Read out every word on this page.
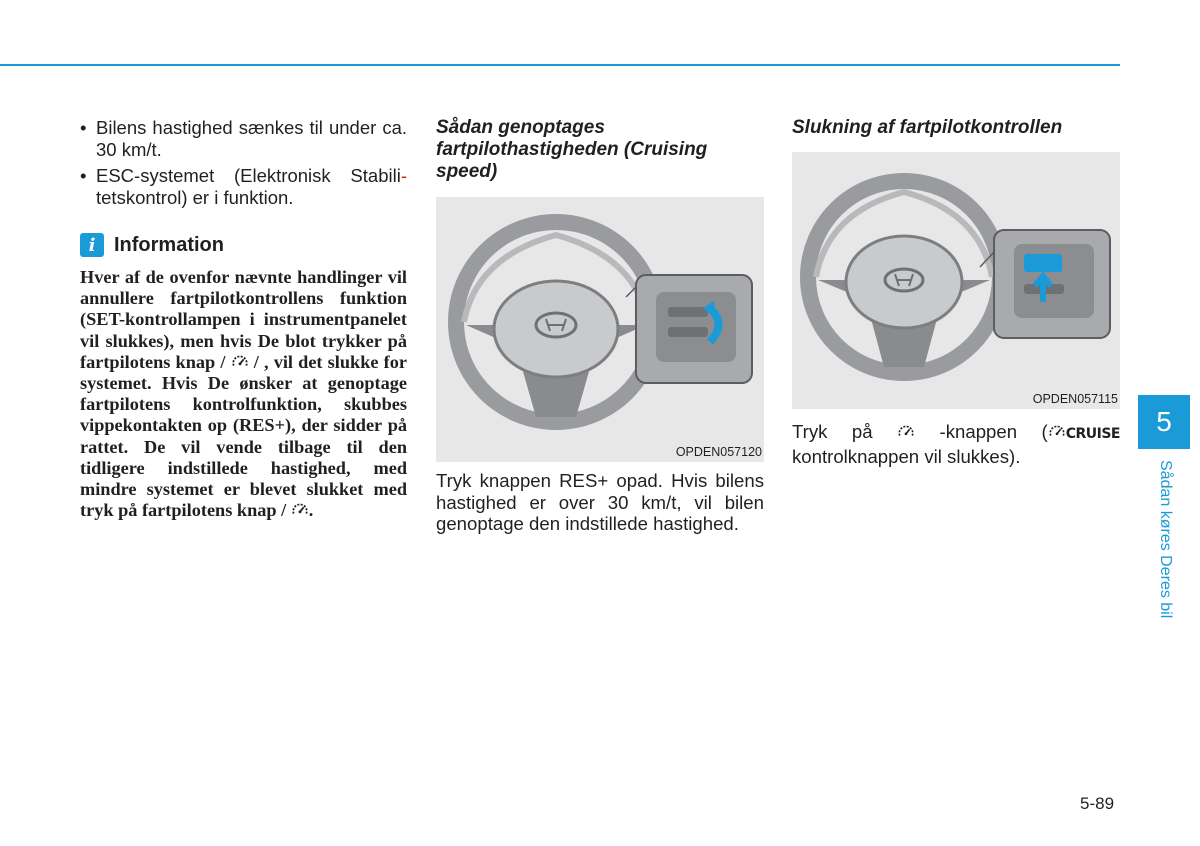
• Bilens hastighed sænkes til under ca. 30 km/t.
• ESC-systemet (Elektronisk Stabili- tetskontrol) er i funktion.
i Information

Hver af de ovenfor nævnte handlinger vil annullere fartpilotkontrollens funktion (SET-kontrollampen i instrumentpanelet vil slukkes), men hvis De blot trykker på fartpilotens knap / / , vil det slukke for systemet. Hvis De ønsker at genoptage fartpilotens kontrolfunktion, skubbes vippekontakten op (RES+), der sidder på rattet. De vil vende tilbage til den tidligere indstillede hastighed, med mindre systemet er blevet slukket med tryk på fartpilotens knap / .

Sådan genoptages fartpilothastigheden (Cruising speed)
OPDEN057120

Tryk knappen RES+ opad. Hvis bilens hastighed er over 30 km/t, vil bilen genoptage den indstillede hastighed.

Slukning af fartpilotkontrollen
OPDEN057115

Tryk på	-knappen ( CRUISE kontrolknappen vil slukkes).

5
Sådan køres Deres bil
5-89
